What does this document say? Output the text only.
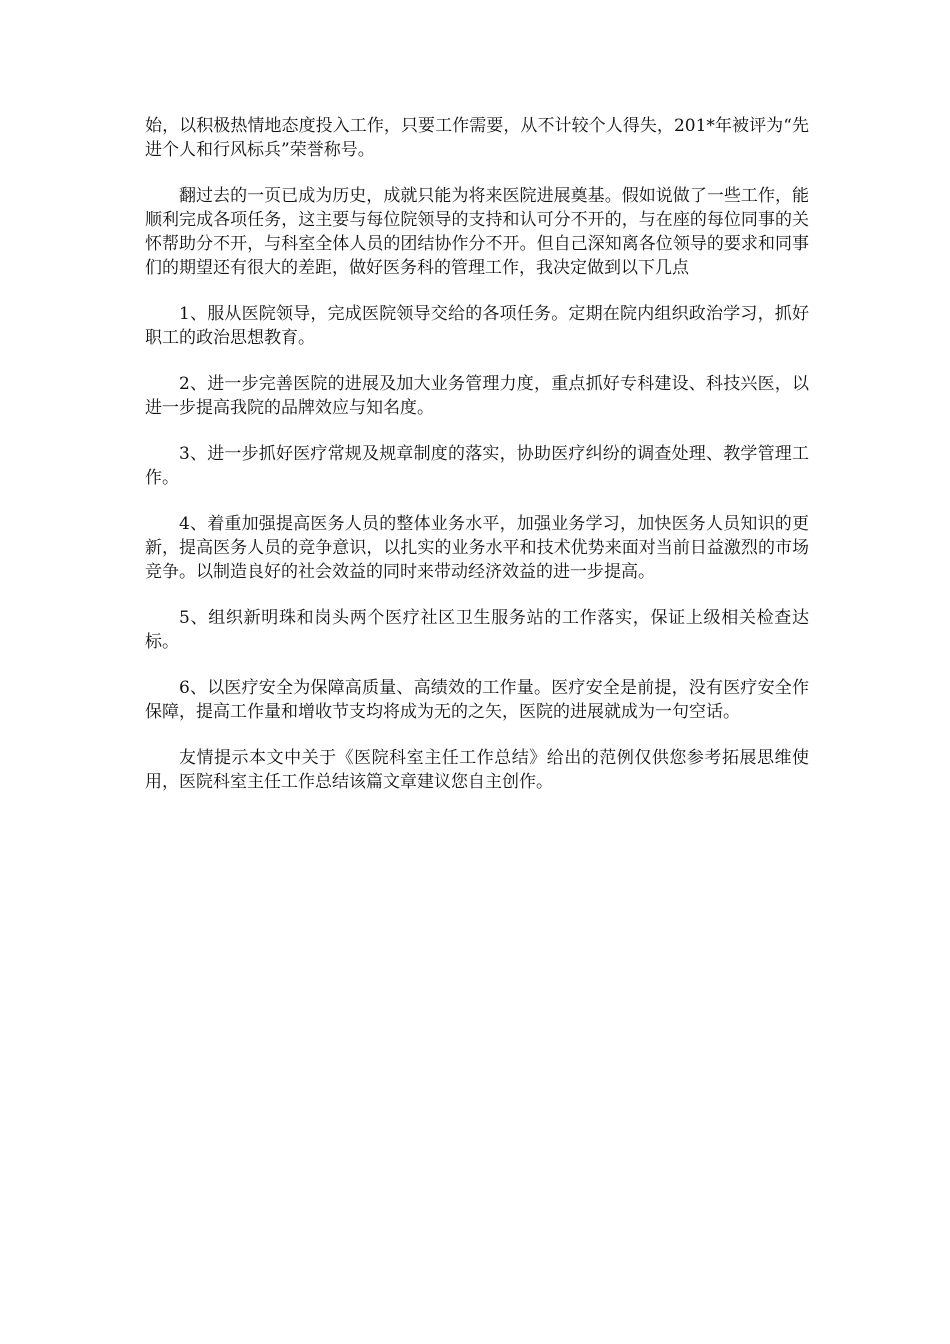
始，以积极热情地态度投入工作，只要工作需要，从不计较个人得失，201*年被评为“先进个人和行风标兵”荣誉称号。

翻过去的一页已成为历史，成就只能为将来医院进展奠基。假如说做了一些工作，能顺利完成各项任务，这主要与每位院领导的支持和认可分不开的，与在座的每位同事的关怀帮助分不开，与科室全体人员的团结协作分不开。但自己深知离各位领导的要求和同事们的期望还有很大的差距，做好医务科的管理工作，我决定做到以下几点

1、服从医院领导，完成医院领导交给的各项任务。定期在院内组织政治学习，抓好职工的政治思想教育。

2、进一步完善医院的进展及加大业务管理力度，重点抓好专科建设、科技兴医，以进一步提高我院的品牌效应与知名度。

3、进一步抓好医疗常规及规章制度的落实，协助医疗纠纷的调查处理、教学管理工作。

4、着重加强提高医务人员的整体业务水平，加强业务学习，加快医务人员知识的更新，提高医务人员的竞争意识，以扎实的业务水平和技术优势来面对当前日益激烈的市场竞争。以制造良好的社会效益的同时来带动经济效益的进一步提高。

5、组织新明珠和岗头两个医疗社区卫生服务站的工作落实，保证上级相关检查达标。

6、以医疗安全为保障高质量、高绩效的工作量。医疗安全是前提，没有医疗安全作保障，提高工作量和增收节支均将成为无的之矢，医院的进展就成为一句空话。

友情提示本文中关于《医院科室主任工作总结》给出的范例仅供您参考拓展思维使用，医院科室主任工作总结该篇文章建议您自主创作。
